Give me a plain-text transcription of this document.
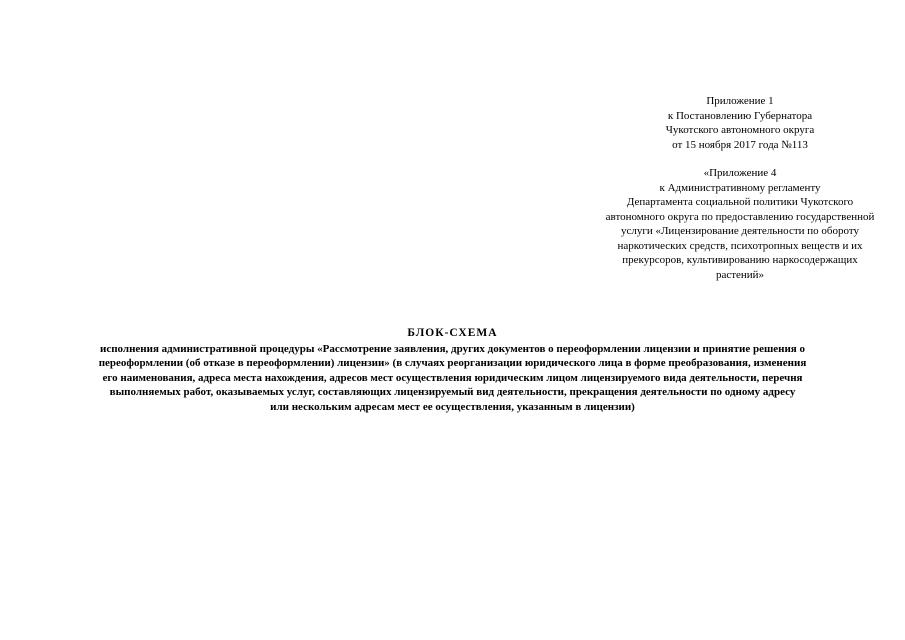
Приложение 1
к Постановлению Губернатора
Чукотского автономного округа
от 15 ноября 2017 года №113
«Приложение 4
к Административному регламенту
Департамента социальной политики Чукотского
автономного округа по предоставлению государственной
услуги «Лицензирование деятельности по обороту
наркотических средств, психотропных веществ и их
прекурсоров, культивированию наркосодержащих
растений»
БЛОК-СХЕМА
исполнения административной процедуры «Рассмотрение заявления, других документов о переоформлении лицензии и принятие решения о
переоформлении (об отказе в переоформлении) лицензии» (в случаях реорганизации юридического лица в форме преобразования, изменения
его наименования, адреса места нахождения, адресов мест осуществления юридическим лицом лицензируемого вида деятельности, перечня
выполняемых работ, оказываемых услуг, составляющих лицензируемый вид деятельности, прекращения деятельности по одному адресу
или нескольким адресам мест ее осуществления, указанным в лицензии)
